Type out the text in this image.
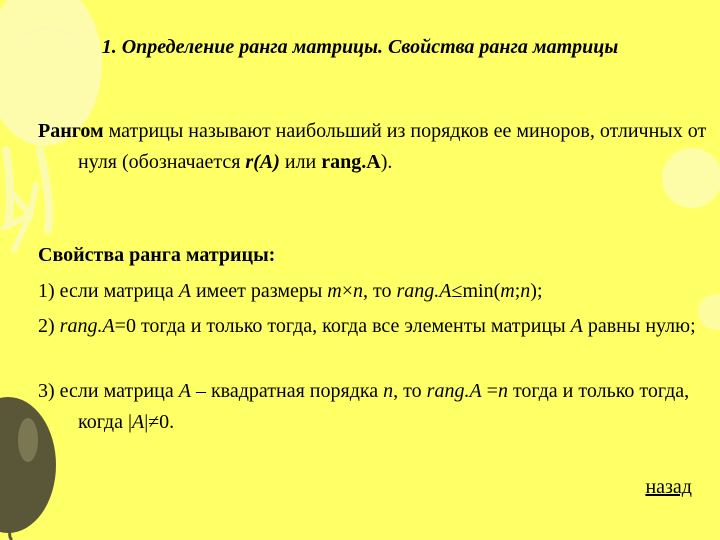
1. Определение ранга матрицы. Свойства ранга матрицы

Рангом матрицы называют наибольший из порядков ее миноров, отличных от нуля (обозначается r(A) или rang.A).

Свойства ранга матрицы:

1) если матрица A имеет размеры m×n, то rang.A≤min(m;n);

2) rang.A=0 тогда и только тогда, когда все элементы матрицы A равны нулю;

3) если матрица A – квадратная порядка n, то rang.A =n тогда и только тогда, когда |A|≠0.

назад
